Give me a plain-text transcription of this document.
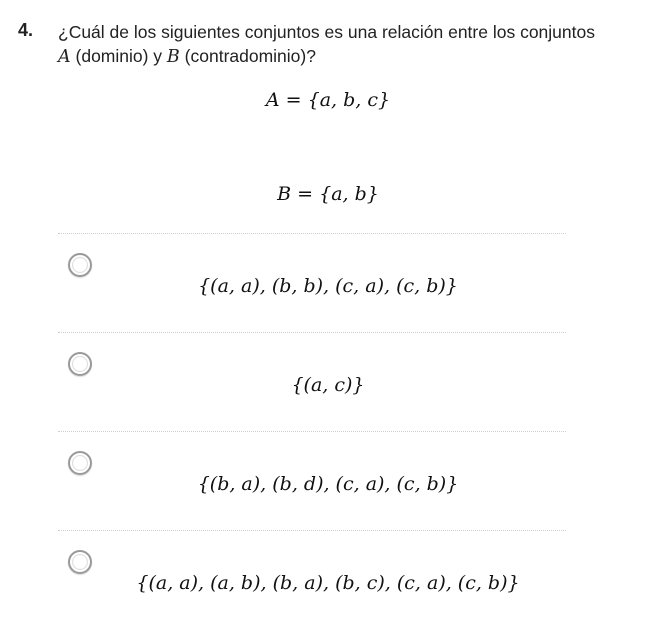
4. ¿Cuál de los siguientes conjuntos es una relación entre los conjuntos
A (dominio) y B (contradominio)?
A = {a, b, c}
B = {a, b}
{(a, a), (b, b), (c, a), (c, b)}
{(a, c)}
{(b, a), (b, d), (c, a), (c, b)}
{(a, a), (a, b), (b, a), (b, c), (c, a), (c, b)}
